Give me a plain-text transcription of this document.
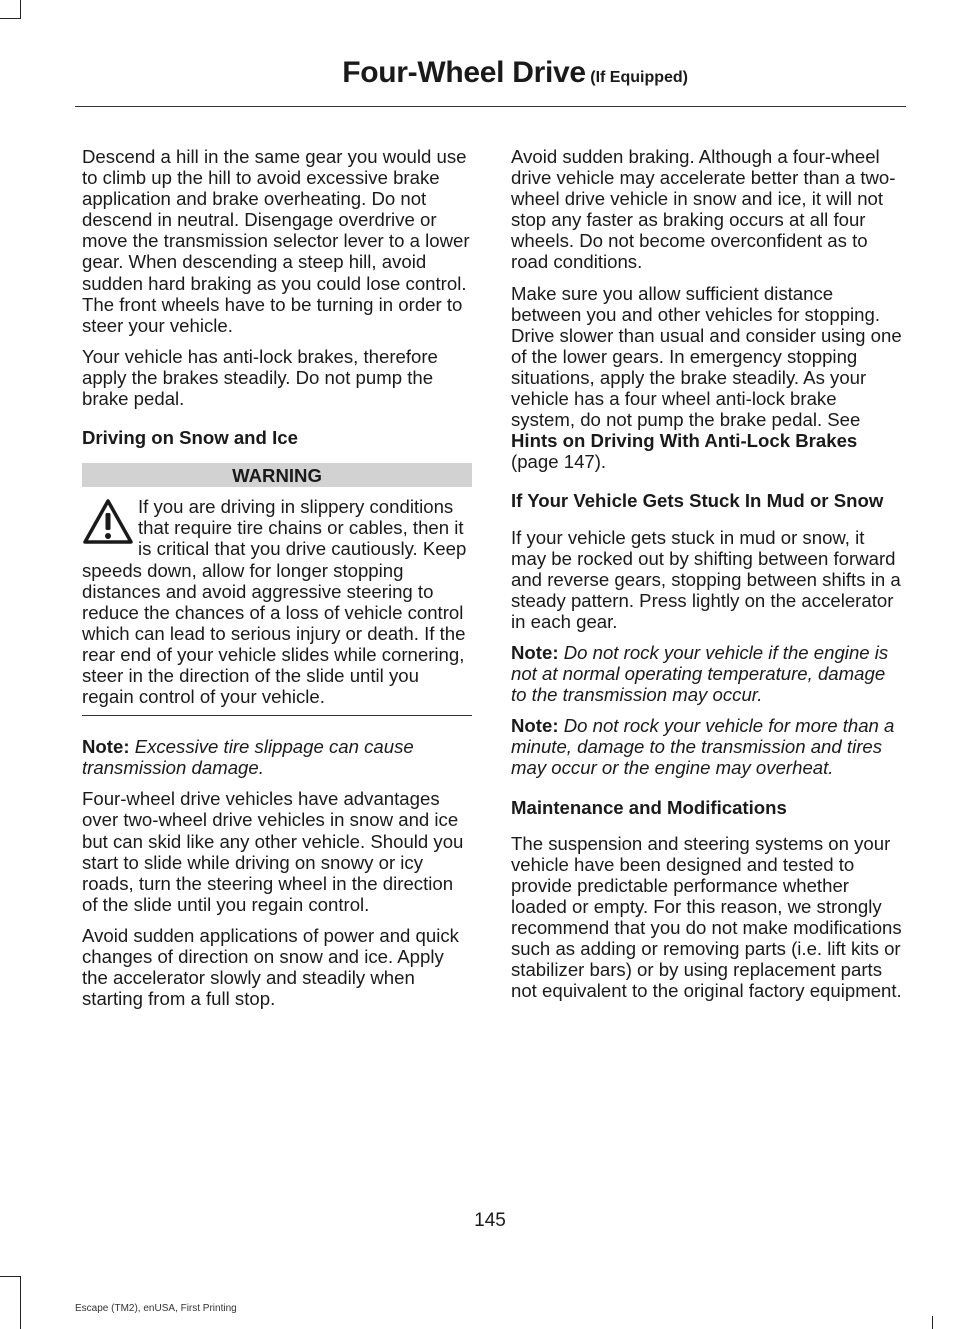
Four-Wheel Drive (If Equipped)

Descend a hill in the same gear you would use to climb up the hill to avoid excessive brake application and brake overheating. Do not descend in neutral. Disengage overdrive or move the transmission selector lever to a lower gear. When descending a steep hill, avoid sudden hard braking as you could lose control. The front wheels have to be turning in order to steer your vehicle.

Your vehicle has anti-lock brakes, therefore apply the brakes steadily. Do not pump the brake pedal.

Driving on Snow and Ice
WARNING
If you are driving in slippery conditions that require tire chains or cables, then it is critical that you drive cautiously. Keep speeds down, allow for longer stopping distances and avoid aggressive steering to reduce the chances of a loss of vehicle control which can lead to serious injury or death. If the rear end of your vehicle slides while cornering, steer in the direction of the slide until you regain control of your vehicle.

Note: Excessive tire slippage can cause transmission damage.

Four-wheel drive vehicles have advantages over two-wheel drive vehicles in snow and ice but can skid like any other vehicle. Should you start to slide while driving on snowy or icy roads, turn the steering wheel in the direction of the slide until you regain control.

Avoid sudden applications of power and quick changes of direction on snow and ice. Apply the accelerator slowly and steadily when starting from a full stop.

Avoid sudden braking. Although a four-wheel drive vehicle may accelerate better than a two-wheel drive vehicle in snow and ice, it will not stop any faster as braking occurs at all four wheels. Do not become overconfident as to road conditions.

Make sure you allow sufficient distance between you and other vehicles for stopping. Drive slower than usual and consider using one of the lower gears. In emergency stopping situations, apply the brake steadily. As your vehicle has a four wheel anti-lock brake system, do not pump the brake pedal. See Hints on Driving With Anti-Lock Brakes (page 147).

If Your Vehicle Gets Stuck In Mud or Snow

If your vehicle gets stuck in mud or snow, it may be rocked out by shifting between forward and reverse gears, stopping between shifts in a steady pattern. Press lightly on the accelerator in each gear.

Note: Do not rock your vehicle if the engine is not at normal operating temperature, damage to the transmission may occur.

Note: Do not rock your vehicle for more than a minute, damage to the transmission and tires may occur or the engine may overheat.

Maintenance and Modifications

The suspension and steering systems on your vehicle have been designed and tested to provide predictable performance whether loaded or empty. For this reason, we strongly recommend that you do not make modifications such as adding or removing parts (i.e. lift kits or stabilizer bars) or by using replacement parts not equivalent to the original factory equipment.

145
Escape (TM2), enUSA, First Printing
